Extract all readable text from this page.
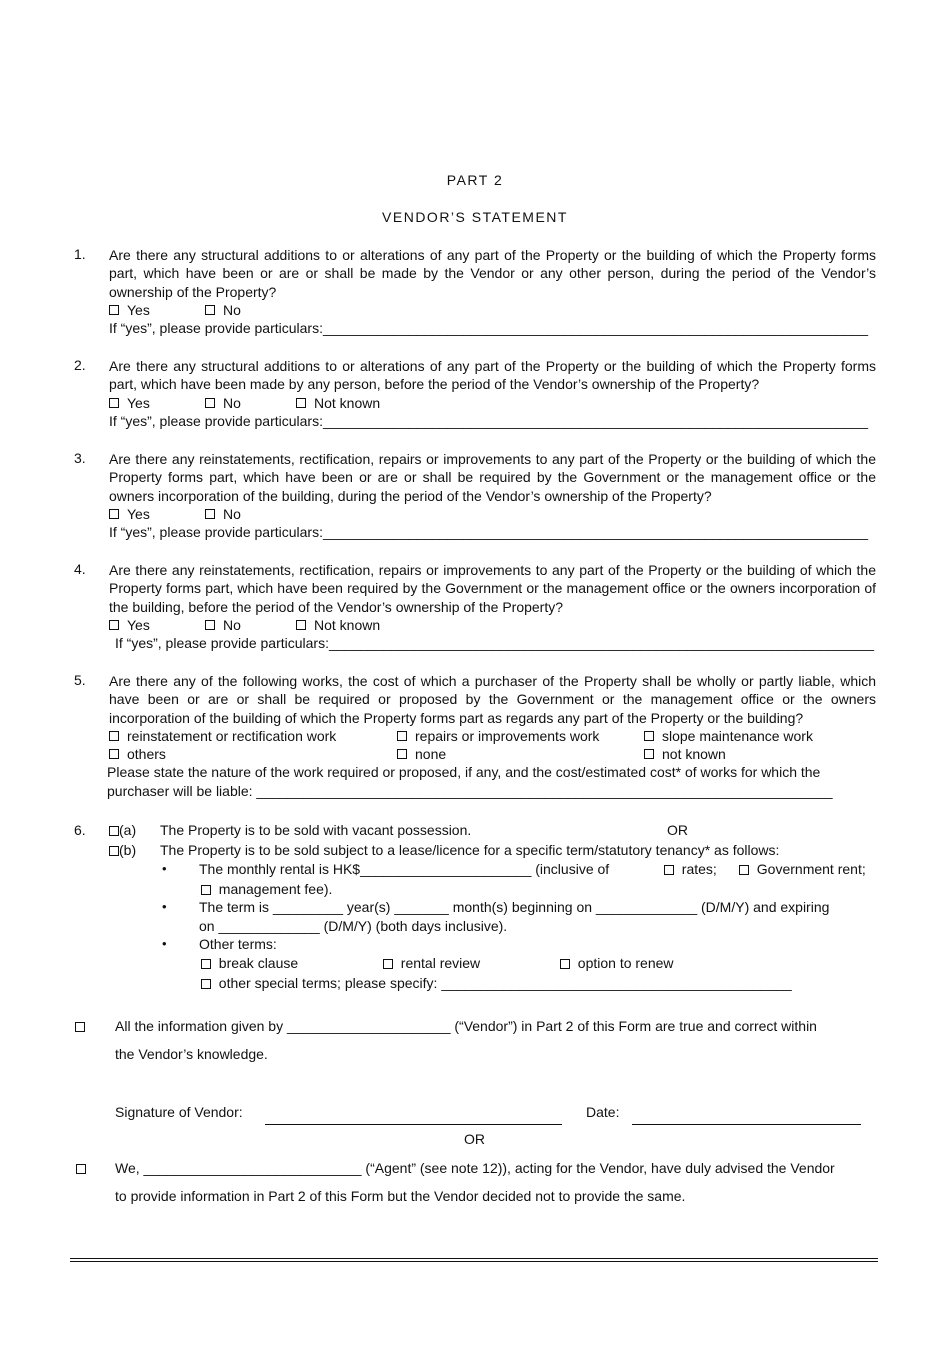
PART 2
VENDOR’S STATEMENT
1.	Are there any structural additions to or alterations of any part of the Property or the building of which the Property forms part, which have been or are or shall be made by the Vendor or any other person, during the period of the Vendor’s ownership of the Property?
Yes	No
If “yes”, please provide particulars:______________________________________________________________________
2.	Are there any structural additions to or alterations of any part of the Property or the building of which the Property forms part, which have been made by any person, before the period of the Vendor’s ownership of the Property?
Yes	No	Not known
If “yes”, please provide particulars:______________________________________________________________________
3.	Are there any reinstatements, rectification, repairs or improvements to any part of the Property or the building of which the Property forms part, which have been or are or shall be required by the Government or the management office or the owners incorporation of the building, during the period of the Vendor’s ownership of the Property?
Yes	No
If “yes”, please provide particulars:______________________________________________________________________
4.	Are there any reinstatements, rectification, repairs or improvements to any part of the Property or the building of which the Property forms part, which have been required by the Government or the management office or the owners incorporation of the building, before the period of the Vendor’s ownership of the Property?
Yes	No	Not known
If “yes”, please provide particulars:______________________________________________________________________
5.	Are there any of the following works, the cost of which a purchaser of the Property shall be wholly or partly liable, which have been or are or shall be required or proposed by the Government or the management office or the owners incorporation of the building of which the Property forms part as regards any part of the Property or the building?
reinstatement or rectification work	repairs or improvements work	slope maintenance work
others	none	not known
Please state the nature of the work required or proposed, if any, and the cost/estimated cost* of works for which the
purchaser will be liable: __________________________________________________________________________
6.	(a) The Property is to be sold with vacant possession.	OR
(b) The Property is to be sold subject to a lease/licence for a specific term/statutory tenancy* as follows:
• The monthly rental is HK$______________________ (inclusive of	rates;	Government rent;
management fee).
• The term is _________ year(s) _______ month(s) beginning on _____________ (D/M/Y) and expiring
on _____________ (D/M/Y) (both days inclusive).
• Other terms:
break clause	rental review	option to renew
other special terms; please specify: _____________________________________________
All the information given by _____________________ (“Vendor”) in Part 2 of this Form are true and correct within
the Vendor’s knowledge.
Signature of Vendor:	Date:
OR
We, ____________________________ (“Agent” (see note 12)), acting for the Vendor, have duly advised the Vendor
to provide information in Part 2 of this Form but the Vendor decided not to provide the same.
